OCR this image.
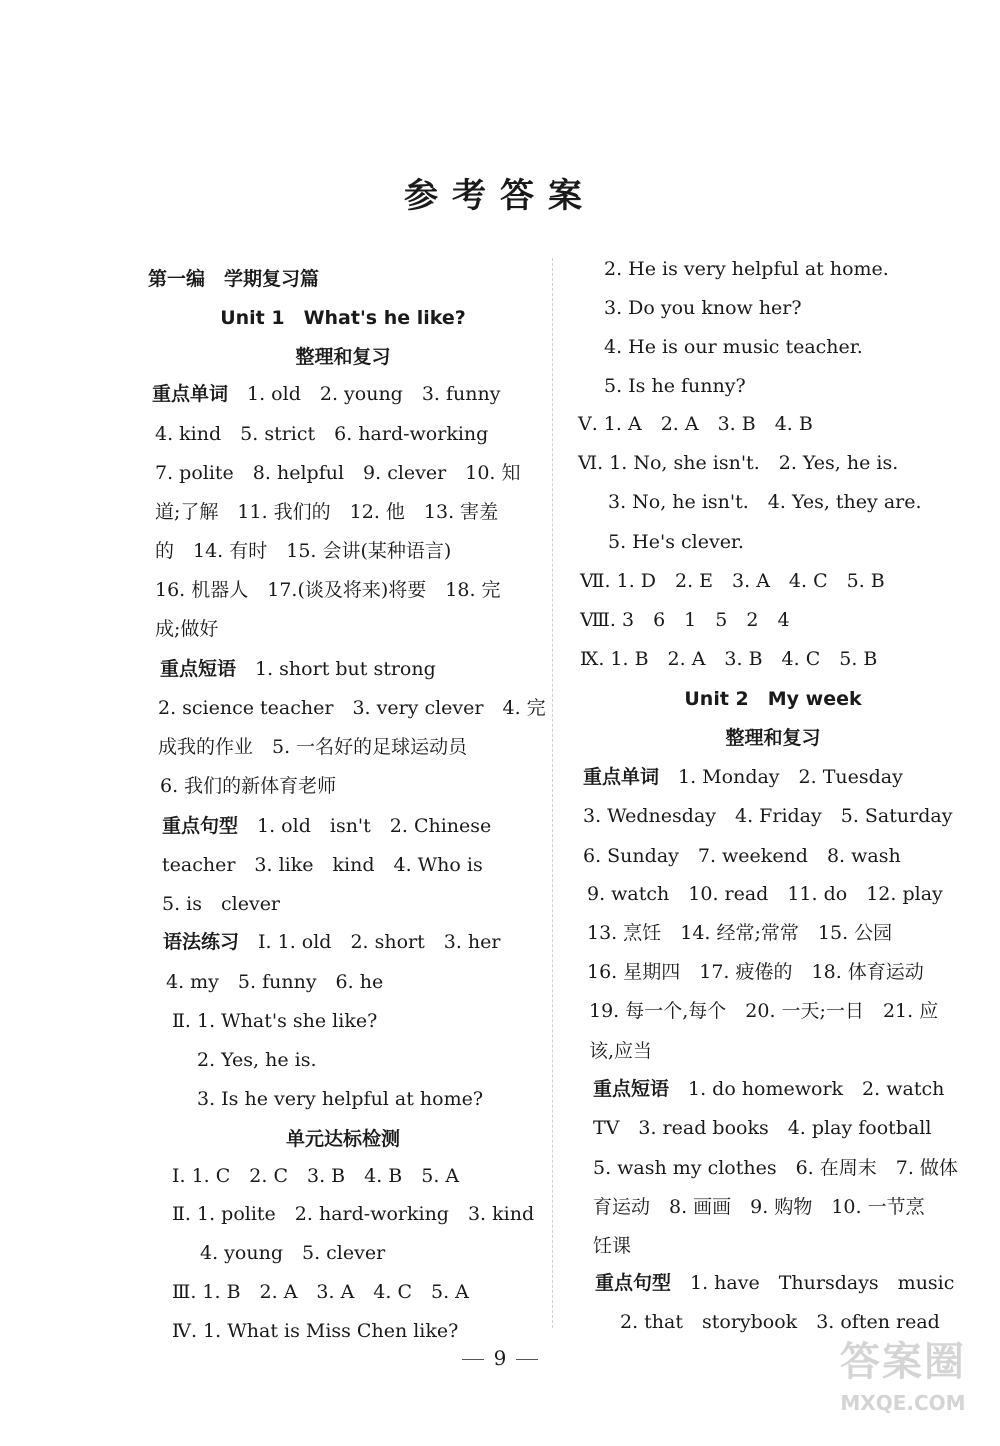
参考答案
第一编　学期复习篇
Unit 1　What's he like?
整理和复习
重点单词　1. old　2. young　3. funny
4. kind　5. strict　6. hard-working
7. polite　8. helpful　9. clever　10. 知
道;了解　11. 我们的　12. 他　13. 害羞
的　14. 有时　15. 会讲(某种语言)
16. 机器人　17.(谈及将来)将要　18. 完
成;做好
重点短语　1. short but strong
2. science teacher　3. very clever　4. 完
成我的作业　5. 一名好的足球运动员
6. 我们的新体育老师
重点句型　1. old　isn't　2. Chinese
teacher　3. like　kind　4. Who is
5. is　clever
语法练习　Ⅰ. 1. old　2. short　3. her
4. my　5. funny　6. he
Ⅱ. 1. What's she like?
2. Yes, he is.
3. Is he very helpful at home?
单元达标检测
Ⅰ. 1. C　2. C　3. B　4. B　5. A
Ⅱ. 1. polite　2. hard-working　3. kind
4. young　5. clever
Ⅲ. 1. B　2. A　3. A　4. C　5. A
Ⅳ. 1. What is Miss Chen like?
2. He is very helpful at home.
3. Do you know her?
4. He is our music teacher.
5. Is he funny?
Ⅴ. 1. A　2. A　3. B　4. B
Ⅵ. 1. No, she isn't.　2. Yes, he is.
3. No, he isn't.　4. Yes, they are.
5. He's clever.
Ⅶ. 1. D　2. E　3. A　4. C　5. B
Ⅷ. 3　6　1　5　2　4
Ⅸ. 1. B　2. A　3. B　4. C　5. B
Unit 2　My week
整理和复习
重点单词　1. Monday　2. Tuesday
3. Wednesday　4. Friday　5. Saturday
6. Sunday　7. weekend　8. wash
9. watch　10. read　11. do　12. play
13. 烹饪　14. 经常;常常　15. 公园
16. 星期四　17. 疲倦的　18. 体育运动
19. 每一个,每个　20. 一天;一日　21. 应
该,应当
重点短语　1. do homework　2. watch
TV　3. read books　4. play football
5. wash my clothes　6. 在周末　7. 做体
育运动　8. 画画　9. 购物　10. 一节烹
饪课
重点句型　1. have　Thursdays　music
2. that　storybook　3. often read
9	答案圈
MXQE.COM
